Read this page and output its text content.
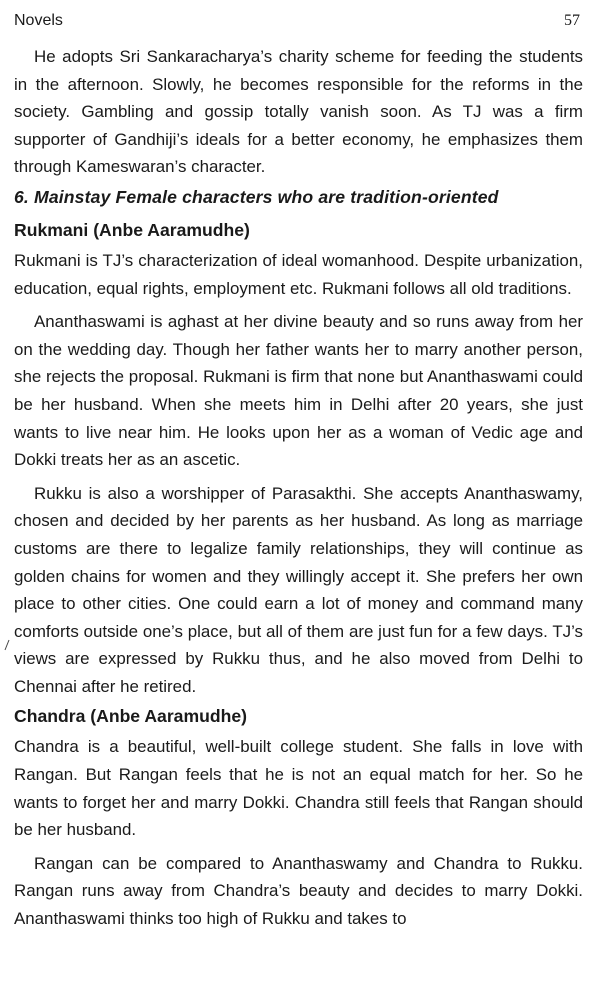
Novels	57

He adopts Sri Sankaracharya’s charity scheme for feeding the students in the afternoon. Slowly, he becomes responsible for the reforms in the society. Gambling and gossip totally vanish soon. As TJ was a firm supporter of Gandhiji’s ideals for a better economy, he emphasizes them through Kameswaran’s character.

6. Mainstay Female characters who are tradition-oriented
Rukmani (Anbe Aaramudhe)

Rukmani is TJ’s characterization of ideal womanhood. Despite urbanization, education, equal rights, employment etc. Rukmani follows all old traditions.

Ananthaswami is aghast at her divine beauty and so runs away from her on the wedding day. Though her father wants her to marry another person, she rejects the proposal. Rukmani is firm that none but Ananthaswami could be her husband. When she meets him in Delhi after 20 years, she just wants to live near him. He looks upon her as a woman of Vedic age and Dokki treats her as an ascetic.

Rukku is also a worshipper of Parasakthi. She accepts Ananthaswamy, chosen and decided by her parents as her husband. As long as marriage customs are there to legalize family relationships, they will continue as golden chains for women and they willingly accept it. She prefers her own place to other cities. One could earn a lot of money and command many comforts outside one’s place, but all of them are just fun for a few days. TJ’s views are expressed by Rukku thus, and he also moved from Delhi to Chennai after he retired.

Chandra (Anbe Aaramudhe)

Chandra is a beautiful, well-built college student. She falls in love with Rangan. But Rangan feels that he is not an equal match for her. So he wants to forget her and marry Dokki. Chandra still feels that Rangan should be her husband.

Rangan can be compared to Ananthaswamy and Chandra to Rukku. Rangan runs away from Chandra’s beauty and decides to marry Dokki. Ananthaswami thinks too high of Rukku and takes to
